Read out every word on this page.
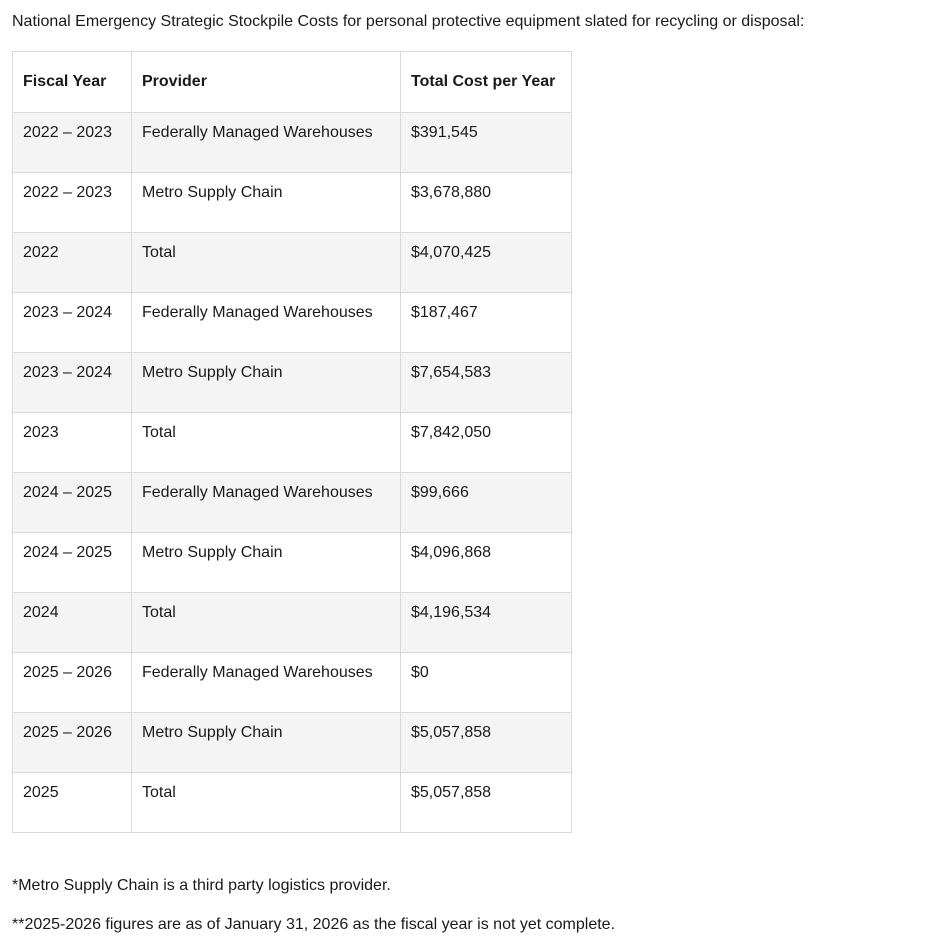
National Emergency Strategic Stockpile Costs for personal protective equipment slated for recycling or disposal:
Fiscal Year	Provider	Total Cost per Year
2022 – 2023	Federally Managed Warehouses	$391,545
2022 – 2023	Metro Supply Chain	$3,678,880
2022	Total	$4,070,425
2023 – 2024	Federally Managed Warehouses	$187,467
2023 – 2024	Metro Supply Chain	$7,654,583
2023	Total	$7,842,050
2024 – 2025	Federally Managed Warehouses	$99,666
2024 – 2025	Metro Supply Chain	$4,096,868
2024	Total	$4,196,534
2025 – 2026	Federally Managed Warehouses	$0
2025 – 2026	Metro Supply Chain	$5,057,858
2025	Total	$5,057,858
*Metro Supply Chain is a third party logistics provider.
**2025-2026 figures are as of January 31, 2026 as the fiscal year is not yet complete.
